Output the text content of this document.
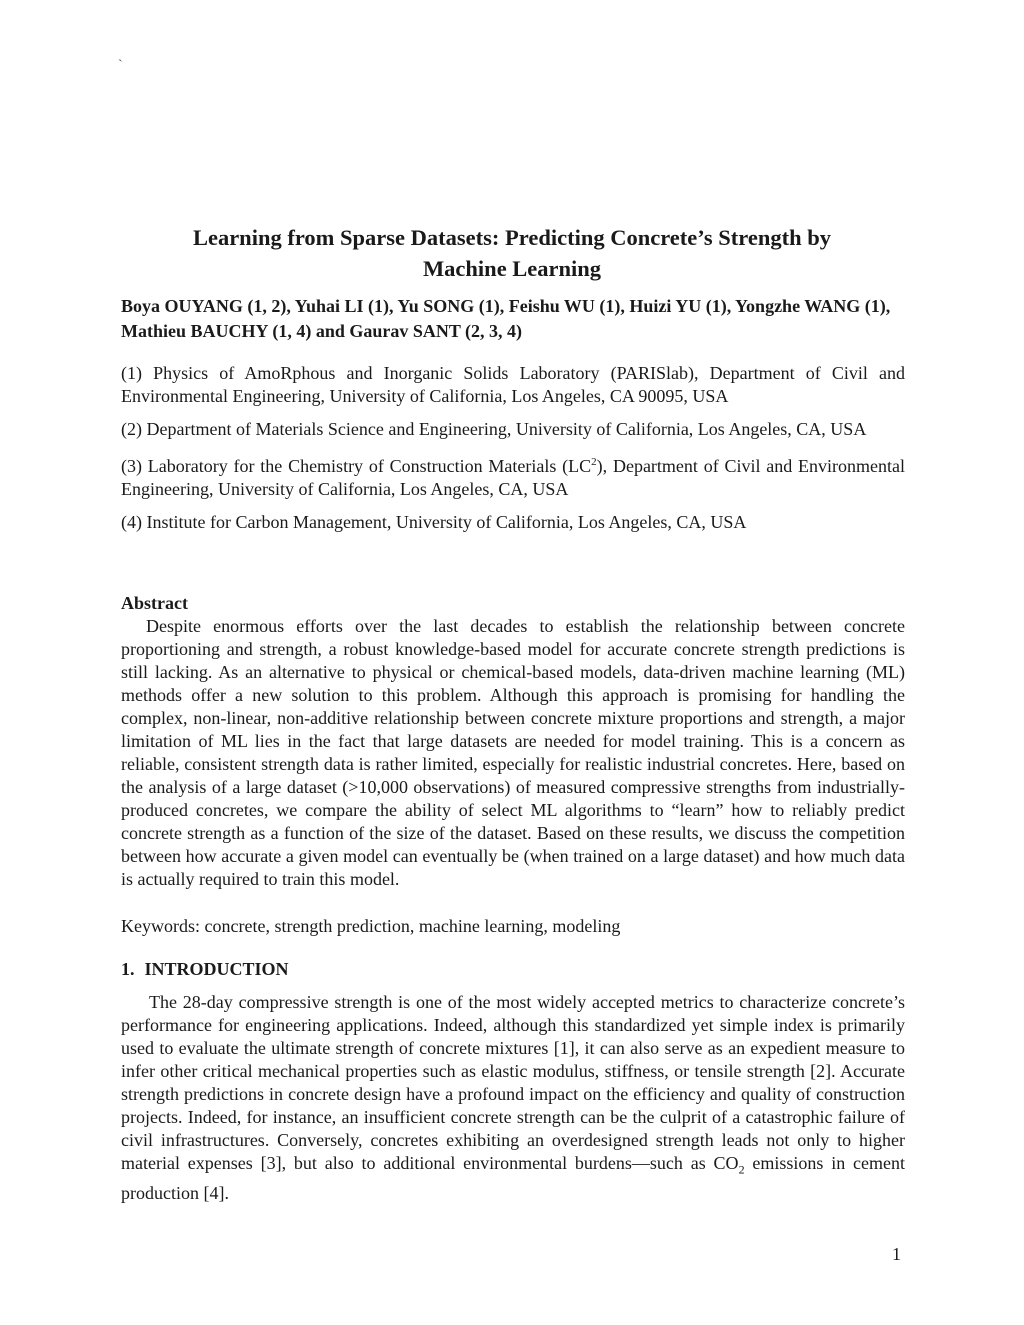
`
Learning from Sparse Datasets: Predicting Concrete’s Strength by
Machine Learning
Boya OUYANG (1, 2), Yuhai LI (1), Yu SONG (1), Feishu WU (1), Huizi YU (1), Yongzhe WANG (1), Mathieu BAUCHY (1, 4) and Gaurav SANT (2, 3, 4)

(1) Physics of AmoRphous and Inorganic Solids Laboratory (PARISlab), Department of Civil and Environmental Engineering, University of California, Los Angeles, CA 90095, USA

(2) Department of Materials Science and Engineering, University of California, Los Angeles, CA, USA

(3) Laboratory for the Chemistry of Construction Materials $(LC^2)$, Department of Civil and Environmental Engineering, University of California, Los Angeles, CA, USA

(4) Institute for Carbon Management, University of California, Los Angeles, CA, USA

Abstract

Despite enormous efforts over the last decades to establish the relationship between concrete proportioning and strength, a robust knowledge-based model for accurate concrete strength predictions is still lacking. As an alternative to physical or chemical-based models, data-driven machine learning (ML) methods offer a new solution to this problem. Although this approach is promising for handling the complex, non-linear, non-additive relationship between concrete mixture proportions and strength, a major limitation of ML lies in the fact that large datasets are needed for model training. This is a concern as reliable, consistent strength data is rather limited, especially for realistic industrial concretes. Here, based on the analysis of a large dataset (>10,000 observations) of measured compressive strengths from industrially-produced concretes, we compare the ability of select ML algorithms to “learn” how to reliably predict concrete strength as a function of the size of the dataset. Based on these results, we discuss the competition between how accurate a given model can eventually be (when trained on a large dataset) and how much data is actually required to train this model.

Keywords: concrete, strength prediction, machine learning, modeling
1. INTRODUCTION

The 28-day compressive strength is one of the most widely accepted metrics to characterize concrete’s performance for engineering applications. Indeed, although this standardized yet simple index is primarily used to evaluate the ultimate strength of concrete mixtures [1], it can also serve as an expedient measure to infer other critical mechanical properties such as elastic modulus, stiffness, or tensile strength [2]. Accurate strength predictions in concrete design have a profound impact on the efficiency and quality of construction projects. Indeed, for instance, an insufficient concrete strength can be the culprit of a catastrophic failure of civil infrastructures. Conversely, concretes exhibiting an overdesigned strength leads not only to higher material expenses [3], but also to additional environmental burdens—such as $CO_2$ emissions in cement production [4].

1
